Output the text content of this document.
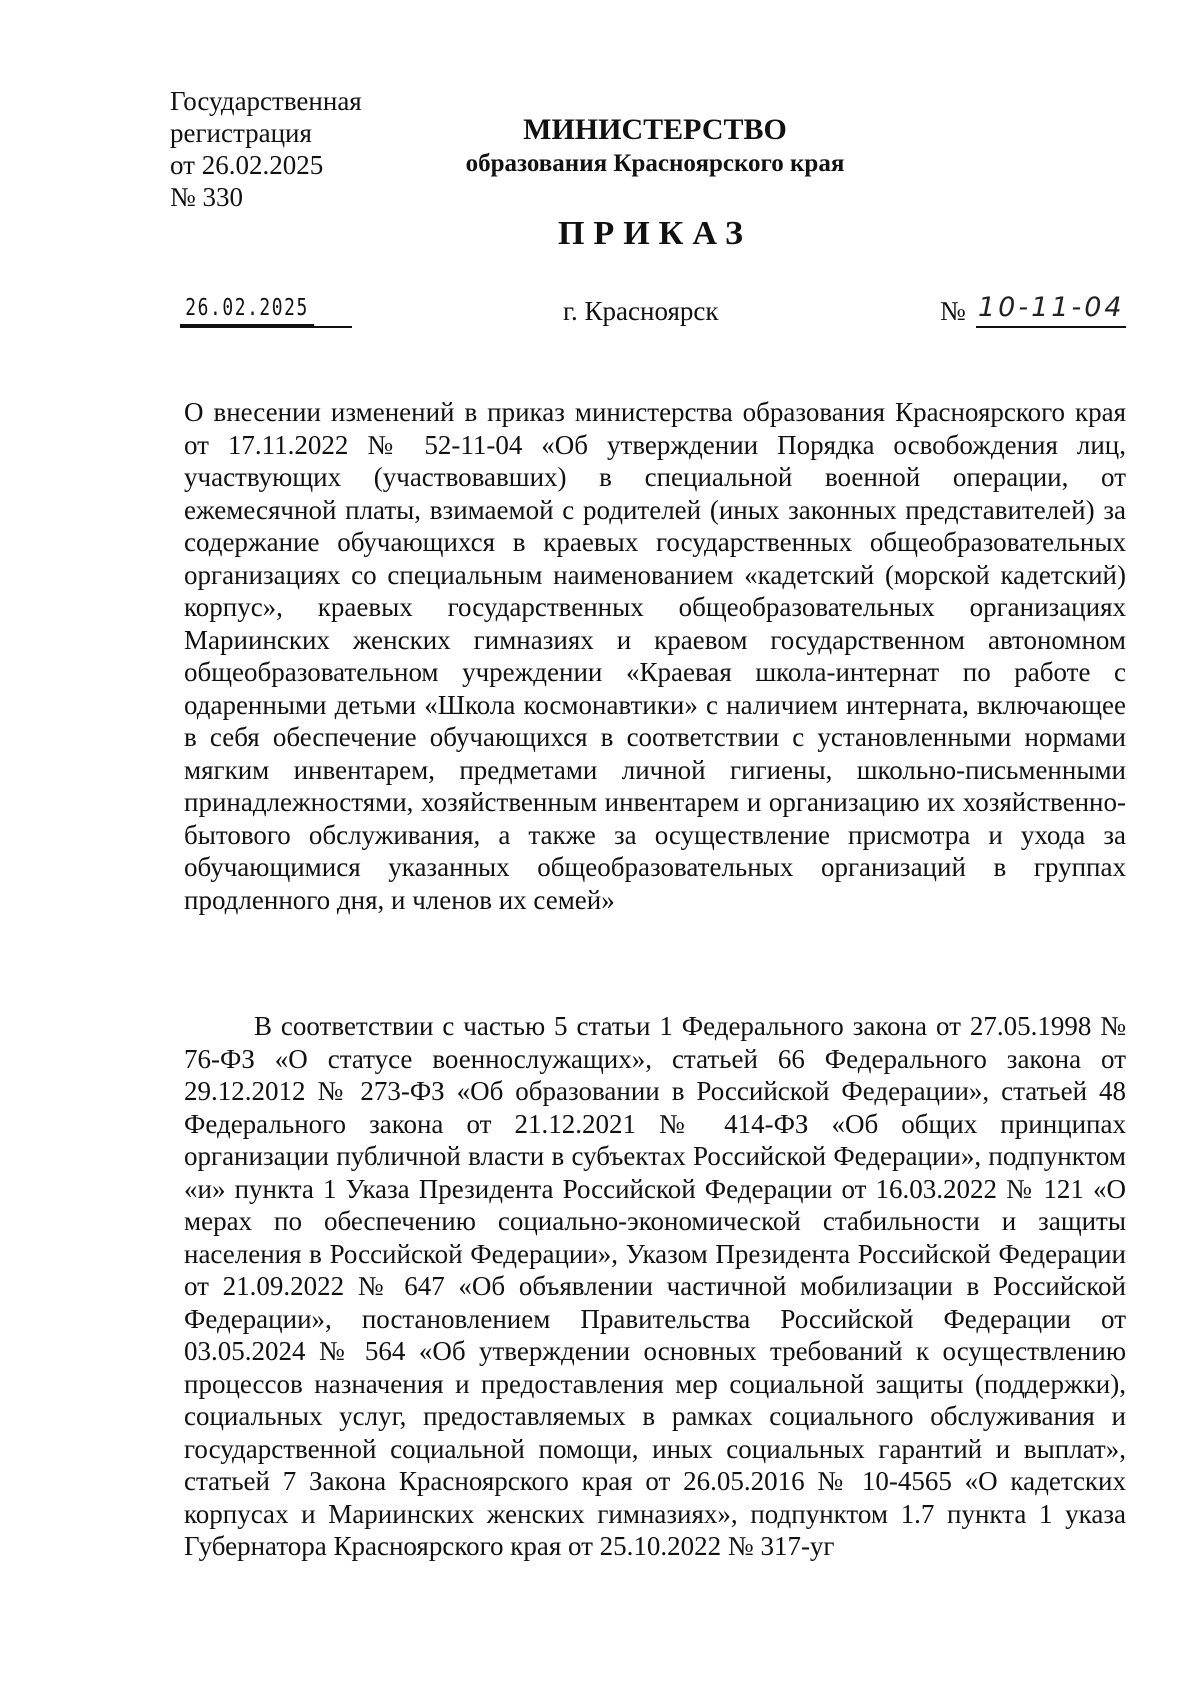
Государственная
регистрация
от 26.02.2025
№ 330
МИНИСТЕРСТВО
образования Красноярского края
ПРИКАЗ
26.02.2025	г. Красноярск	№ 10-11-04
О внесении изменений в приказ министерства образования Красноярского края от 17.11.2022 № 52-11-04 «Об утверждении Порядка освобождения лиц, участвующих (участвовавших) в специальной военной операции, от ежемесячной платы, взимаемой с родителей (иных законных представителей) за содержание обучающихся в краевых государственных общеобразовательных организациях со специальным наименованием «кадетский (морской кадетский) корпус», краевых государственных общеобразовательных организациях Мариинских женских гимназиях и краевом государственном автономном общеобразовательном учреждении «Краевая школа-интернат по работе с одаренными детьми «Школа космонавтики» с наличием интерната, включающее в себя обеспечение обучающихся в соответствии с установленными нормами мягким инвентарем, предметами личной гигиены, школьно-письменными принадлежностями, хозяйственным инвентарем и организацию их хозяйственно-бытового обслуживания, а также за осуществление присмотра и ухода за обучающимися указанных общеобразовательных организаций в группах продленного дня, и членов их семей»
В соответствии с частью 5 статьи 1 Федерального закона от 27.05.1998 № 76-ФЗ «О статусе военнослужащих», статьей 66 Федерального закона от 29.12.2012 № 273-ФЗ «Об образовании в Российской Федерации», статьей 48 Федерального закона от 21.12.2021 № 414-ФЗ «Об общих принципах организации публичной власти в субъектах Российской Федерации», подпунктом «и» пункта 1 Указа Президента Российской Федерации от 16.03.2022 № 121 «О мерах по обеспечению социально-экономической стабильности и защиты населения в Российской Федерации», Указом Президента Российской Федерации от 21.09.2022 № 647 «Об объявлении частичной мобилизации в Российской Федерации», постановлением Правительства Российской Федерации от 03.05.2024 № 564 «Об утверждении основных требований к осуществлению процессов назначения и предоставления мер социальной защиты (поддержки), социальных услуг, предоставляемых в рамках социального обслуживания и государственной социальной помощи, иных социальных гарантий и выплат», статьей 7 Закона Красноярского края от 26.05.2016 № 10-4565 «О кадетских корпусах и Мариинских женских гимназиях», подпунктом 1.7 пункта 1 указа Губернатора Красноярского края от 25.10.2022 № 317-уг
